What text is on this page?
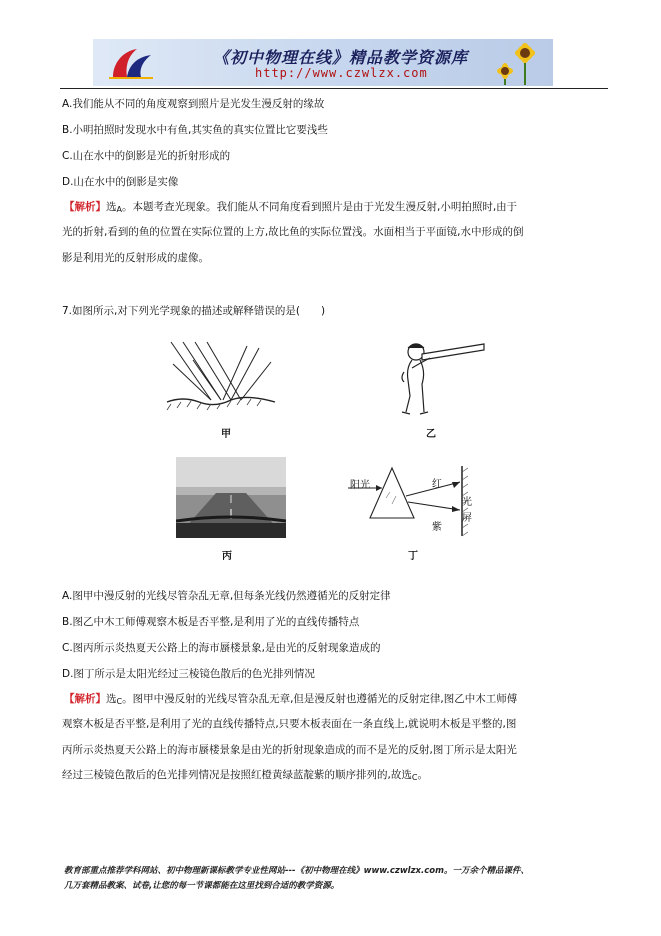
《初中物理在线》精品教学资源库
http://www.czwlzx.com
A.我们能从不同的角度观察到照片是光发生漫反射的缘故
B.小明拍照时发现水中有鱼,其实鱼的真实位置比它要浅些
C.山在水中的倒影是光的折射形成的
D.山在水中的倒影是实像
【解析】选$_A$。本题考查光现象。我们能从不同角度看到照片是由于光发生漫反射,小明拍照时,由于
光的折射,看到的鱼的位置在实际位置的上方,故比鱼的实际位置浅。水面相当于平面镜,水中形成的倒
影是利用光的反射形成的虚像。
7.如图所示,对下列光学现象的描述或解释错误的是(　　)
甲	乙
丙
阳光	红
紫
光
屏
丁
A.图甲中漫反射的光线尽管杂乱无章,但每条光线仍然遵循光的反射定律
B.图乙中木工师傅观察木板是否平整,是利用了光的直线传播特点
C.图丙所示炎热夏天公路上的海市蜃楼景象,是由光的反射现象造成的
D.图丁所示是太阳光经过三棱镜色散后的色光排列情况
【解析】选$_C$。图甲中漫反射的光线尽管杂乱无章,但是漫反射也遵循光的反射定律,图乙中木工师傅
观察木板是否平整,是利用了光的直线传播特点,只要木板表面在一条直线上,就说明木板是平整的,图
丙所示炎热夏天公路上的海市蜃楼景象是由光的折射现象造成的而不是光的反射,图丁所示是太阳光
经过三棱镜色散后的色光排列情况是按照红橙黄绿蓝靛紫的顺序排列的,故选$_C$。
教育部重点推荐学科网站、初中物理新课标教学专业性网站---《初中物理在线》www.czwlzx.com。一万余个精品课件、
几万套精品教案、试卷,让您的每一节课都能在这里找到合适的教学资源。
